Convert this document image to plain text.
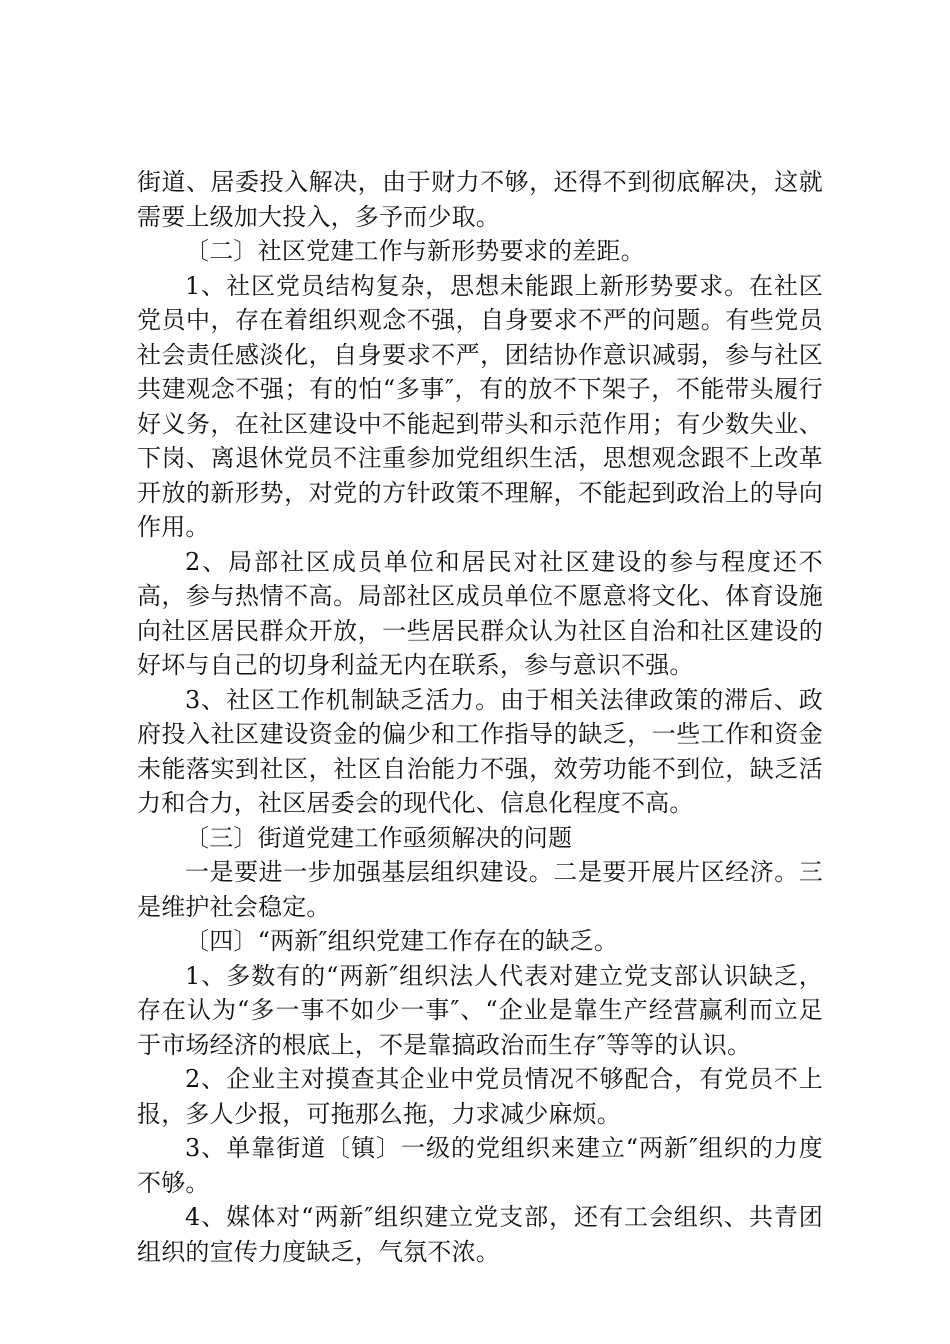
街道、居委投入解决，由于财力不够，还得不到彻底解决，这就需要上级加大投入，多予而少取。

〔二〕社区党建工作与新形势要求的差距。

1、社区党员结构复杂，思想未能跟上新形势要求。在社区党员中，存在着组织观念不强，自身要求不严的问题。有些党员社会责任感淡化，自身要求不严，团结协作意识减弱，参与社区共建观念不强；有的怕“多事″，有的放不下架子，不能带头履行好义务，在社区建设中不能起到带头和示范作用；有少数失业、下岗、离退休党员不注重参加党组织生活，思想观念跟不上改革开放的新形势，对党的方针政策不理解，不能起到政治上的导向作用。

2、局部社区成员单位和居民对社区建设的参与程度还不高，参与热情不高。局部社区成员单位不愿意将文化、体育设施向社区居民群众开放，一些居民群众认为社区自治和社区建设的好坏与自己的切身利益无内在联系，参与意识不强。

3、社区工作机制缺乏活力。由于相关法律政策的滞后、政府投入社区建设资金的偏少和工作指导的缺乏，一些工作和资金未能落实到社区，社区自治能力不强，效劳功能不到位，缺乏活力和合力，社区居委会的现代化、信息化程度不高。

〔三〕街道党建工作亟须解决的问题

一是要进一步加强基层组织建设。二是要开展片区经济。三是维护社会稳定。

〔四〕“两新″组织党建工作存在的缺乏。

1、多数有的“两新″组织法人代表对建立党支部认识缺乏，存在认为“多一事不如少一事″、“企业是靠生产经营赢利而立足于市场经济的根底上，不是靠搞政治而生存″等等的认识。

2、企业主对摸查其企业中党员情况不够配合，有党员不上报，多人少报，可拖那么拖，力求减少麻烦。

3、单靠街道〔镇〕一级的党组织来建立“两新″组织的力度不够。

4、媒体对“两新″组织建立党支部，还有工会组织、共青团组织的宣传力度缺乏，气氛不浓。
